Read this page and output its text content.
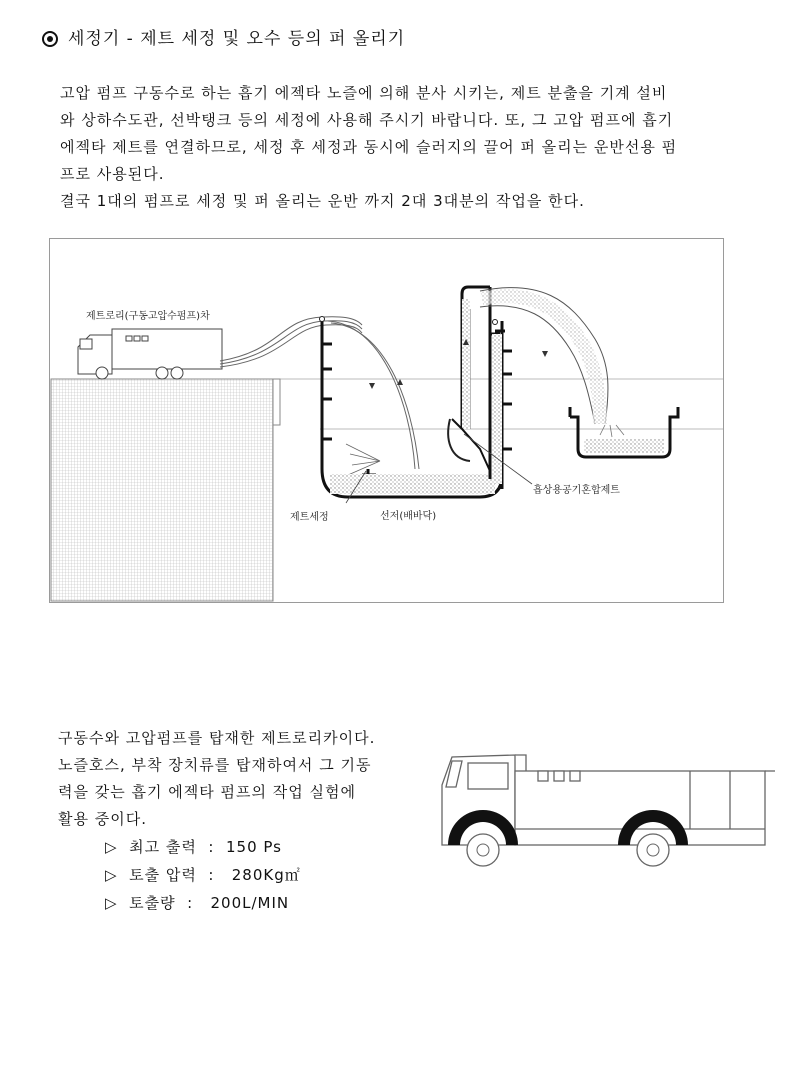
세정기 - 제트 세정 및 오수 등의 퍼 올리기

고압 펌프 구동수로 하는 흡기 에젝타 노즐에 의해 분사 시키는, 제트 분출을 기계 설비

와 상하수도관, 선박탱크 등의 세정에 사용해 주시기 바랍니다. 또, 그 고압 펌프에 흡기

에젝타 제트를 연결하므로, 세정 후 세정과 동시에 슬러지의 끌어 퍼 올리는 운반선용 펌

프로 사용된다.

결국 1대의 펌프로 세정 및 퍼 올리는 운반 까지 2대 3대분의 작업을 한다.

제트로리(구동고압수펌프)차
흡상용공기혼합제트
제트세정	선저(배바닥)

구동수와 고압펌프를 탑재한 제트로리카이다.

노즐호스, 부착 장치류를 탑재하여서 그 기동

력을 갖는 흡기 에젝타 펌프의 작업 실험에

활용 중이다.

▷ 최고 출력 : 150 Ps
▷ 토출 압력 : 280Kg㎡
▷ 토출량 : 200L/MIN
